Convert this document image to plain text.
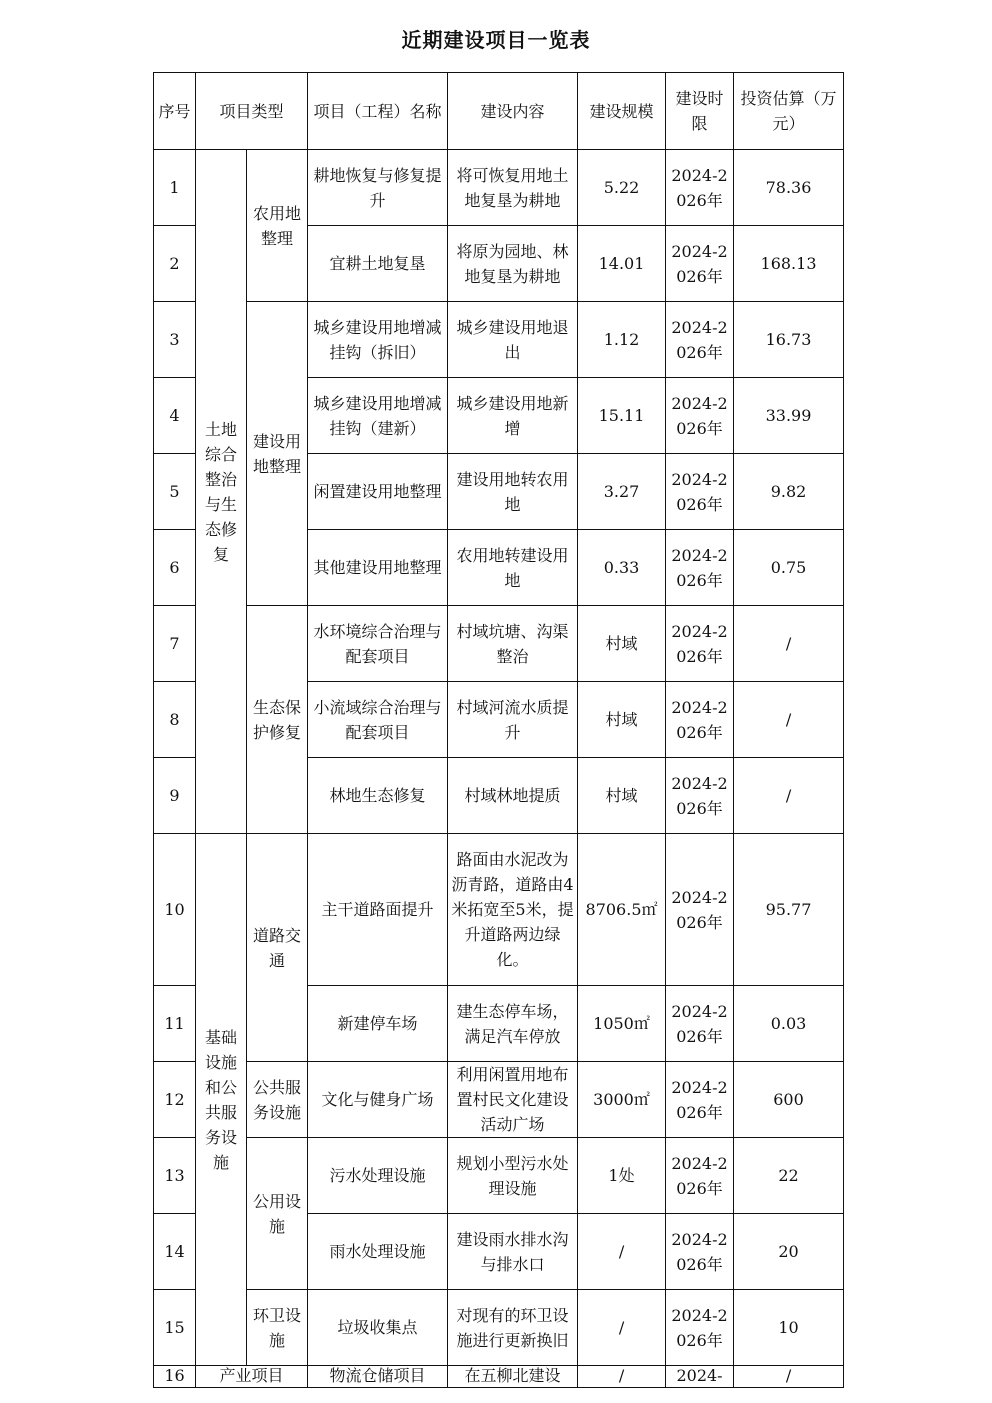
近期建设项目一览表
序号	项目类型		项目（工程）名称	建设内容	建设规模	建设时限	投资估算（万元）
1	土地综合整治与生态修复	农用地整理	耕地恢复与修复提升	将可恢复用地土地复垦为耕地	5.22	2024-2026年	78.36
2			宜耕土地复垦	将原为园地、林地复垦为耕地	14.01	2024-2026年	168.13
3		建设用地整理	城乡建设用地增减挂钩（拆旧）	城乡建设用地退出	1.12	2024-2026年	16.73
4			城乡建设用地增减挂钩（建新）	城乡建设用地新增	15.11	2024-2026年	33.99
5			闲置建设用地整理	建设用地转农用地	3.27	2024-2026年	9.82
6			其他建设用地整理	农用地转建设用地	0.33	2024-2026年	0.75
7		生态保护修复	水环境综合治理与配套项目	村域坑塘、沟渠整治	村域	2024-2026年	/
8			小流域综合治理与配套项目	村域河流水质提升	村域	2024-2026年	/
9			林地生态修复	村域林地提质	村域	2024-2026年	/
10	基础设施和公共服务设施	道路交通	主干道路面提升	路面由水泥改为沥青路，道路由4米拓宽至5米，提升道路两边绿化。	8706.5㎡	2024-2026年	95.77
11			新建停车场	建生态停车场，满足汽车停放	1050㎡	2024-2026年	0.03
12		公共服务设施	文化与健身广场	利用闲置用地布置村民文化建设活动广场	3000㎡	2024-2026年	600
13		公用设施	污水处理设施	规划小型污水处理设施	1处	2024-2026年	22
14			雨水处理设施	建设雨水排水沟与排水口	/	2024-2026年	20
15		环卫设施	垃圾收集点	对现有的环卫设施进行更新换旧	/	2024-2026年	10
16	产业项目		物流仓储项目	在五柳北建设	/	2024-	/
